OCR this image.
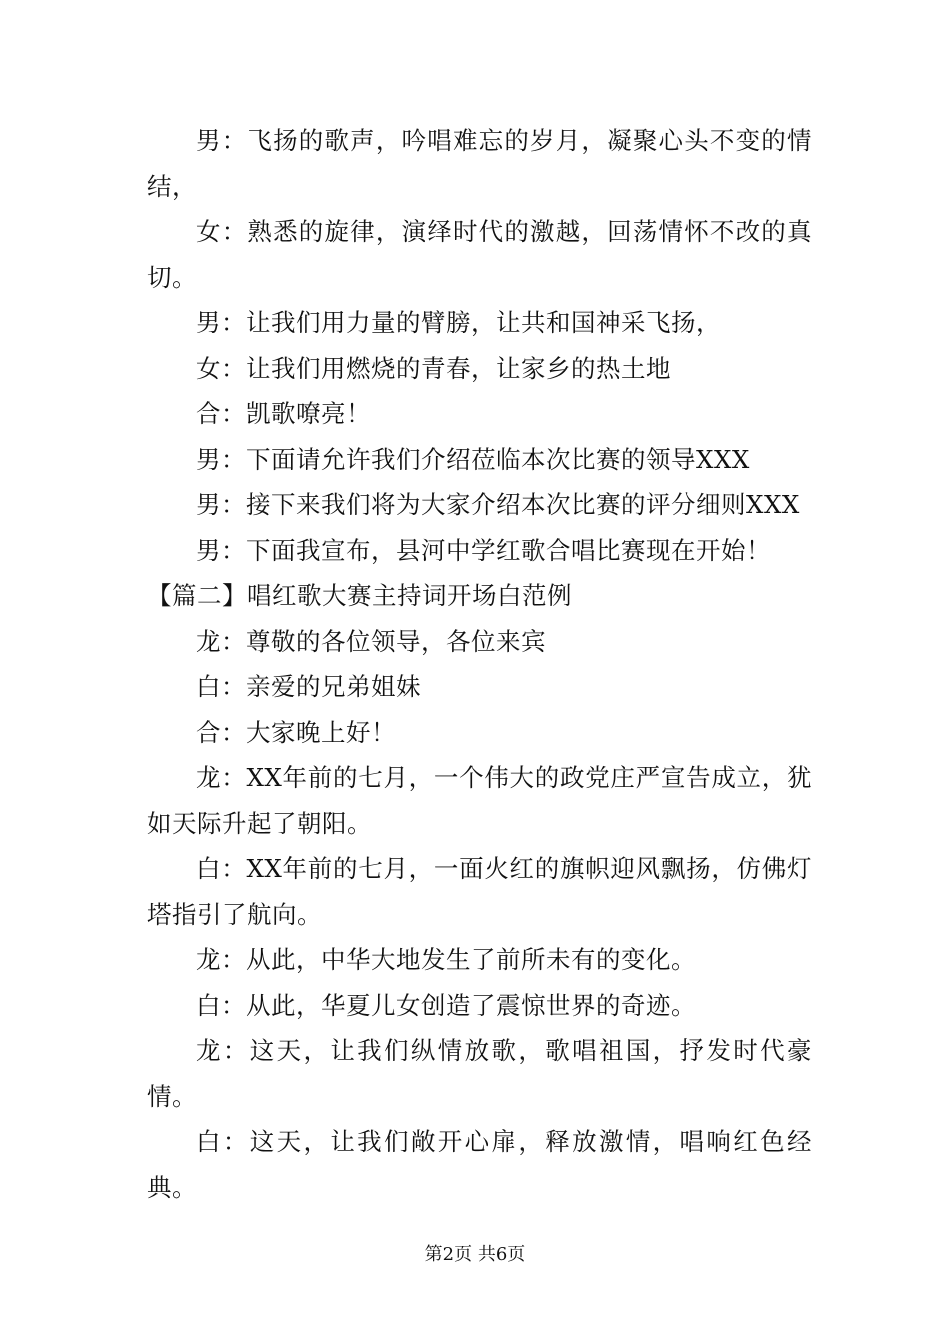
男：飞扬的歌声，吟唱难忘的岁月，凝聚心头不变的情结，

女：熟悉的旋律，演绎时代的激越，回荡情怀不改的真切。

男：让我们用力量的臂膀，让共和国神采飞扬，

女：让我们用燃烧的青春，让家乡的热土地

合：凯歌嘹亮！

男：下面请允许我们介绍莅临本次比赛的领导XXX

男：接下来我们将为大家介绍本次比赛的评分细则XXX

男：下面我宣布，县河中学红歌合唱比赛现在开始！

【篇二】唱红歌大赛主持词开场白范例

龙：尊敬的各位领导，各位来宾

白：亲爱的兄弟姐妹

合：大家晚上好！

龙：XX年前的七月，一个伟大的政党庄严宣告成立，犹如天际升起了朝阳。

白：XX年前的七月，一面火红的旗帜迎风飘扬，仿佛灯塔指引了航向。

龙：从此，中华大地发生了前所未有的变化。

白：从此，华夏儿女创造了震惊世界的奇迹。

龙：这天，让我们纵情放歌，歌唱祖国，抒发时代豪情。

白：这天，让我们敞开心扉，释放激情，唱响红色经典。

第2页 共6页
